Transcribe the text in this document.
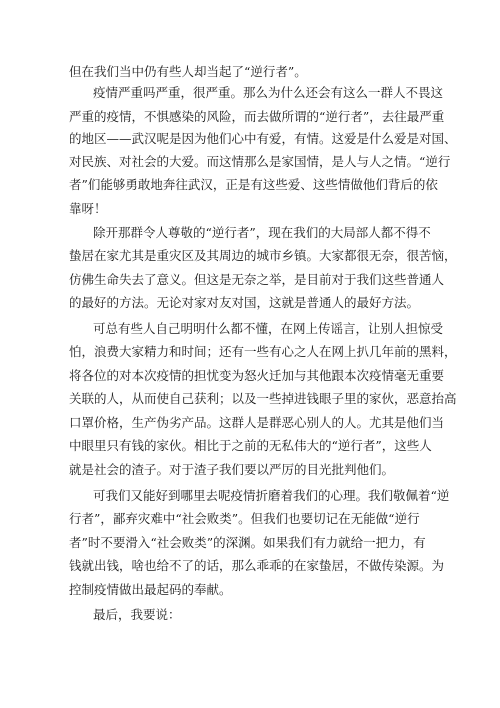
但在我们当中仍有些人却当起了“逆行者”。
疫情严重吗严重，很严重。那么为什么还会有这么一群人不畏这
严重的疫情，不惧感染的风险，而去做所谓的“逆行者”，去往最严重
的地区——武汉呢是因为他们心中有爱，有情。这爱是什么爱是对国、
对民族、对社会的大爱。而这情那么是家国情，是人与人之情。“逆行
者”们能够勇敢地奔往武汉，正是有这些爱、这些情做他们背后的依
靠呀！
除开那群令人尊敬的“逆行者”，现在我们的大局部人都不得不
蛰居在家尤其是重灾区及其周边的城市乡镇。大家都很无奈，很苦恼，
仿佛生命失去了意义。但这是无奈之举，是目前对于我们这些普通人
的最好的方法。无论对家对友对国，这就是普通人的最好方法。
可总有些人自己明明什么都不懂，在网上传谣言，让别人担惊受
怕，浪费大家精力和时间；还有一些有心之人在网上扒几年前的黑料，
将各位的对本次疫情的担忧变为怒火迁加与其他跟本次疫情毫无重要
关联的人，从而使自己获利；以及一些掉进钱眼子里的家伙，恶意抬高
口罩价格，生产伪劣产品。这群人是群恶心别人的人。尤其是他们当
中眼里只有钱的家伙。相比于之前的无私伟大的“逆行者”，这些人
就是社会的渣子。对于渣子我们要以严厉的目光批判他们。
可我们又能好到哪里去呢疫情折磨着我们的心理。我们敬佩着“逆
行者”，鄙弃灾难中“社会败类”。但我们也要切记在无能做“逆行
者”时不要滑入“社会败类”的深渊。如果我们有力就给一把力，有
钱就出钱，啥也给不了的话，那么乖乖的在家蛰居，不做传染源。为
控制疫情做出最起码的奉献。
最后，我要说：
